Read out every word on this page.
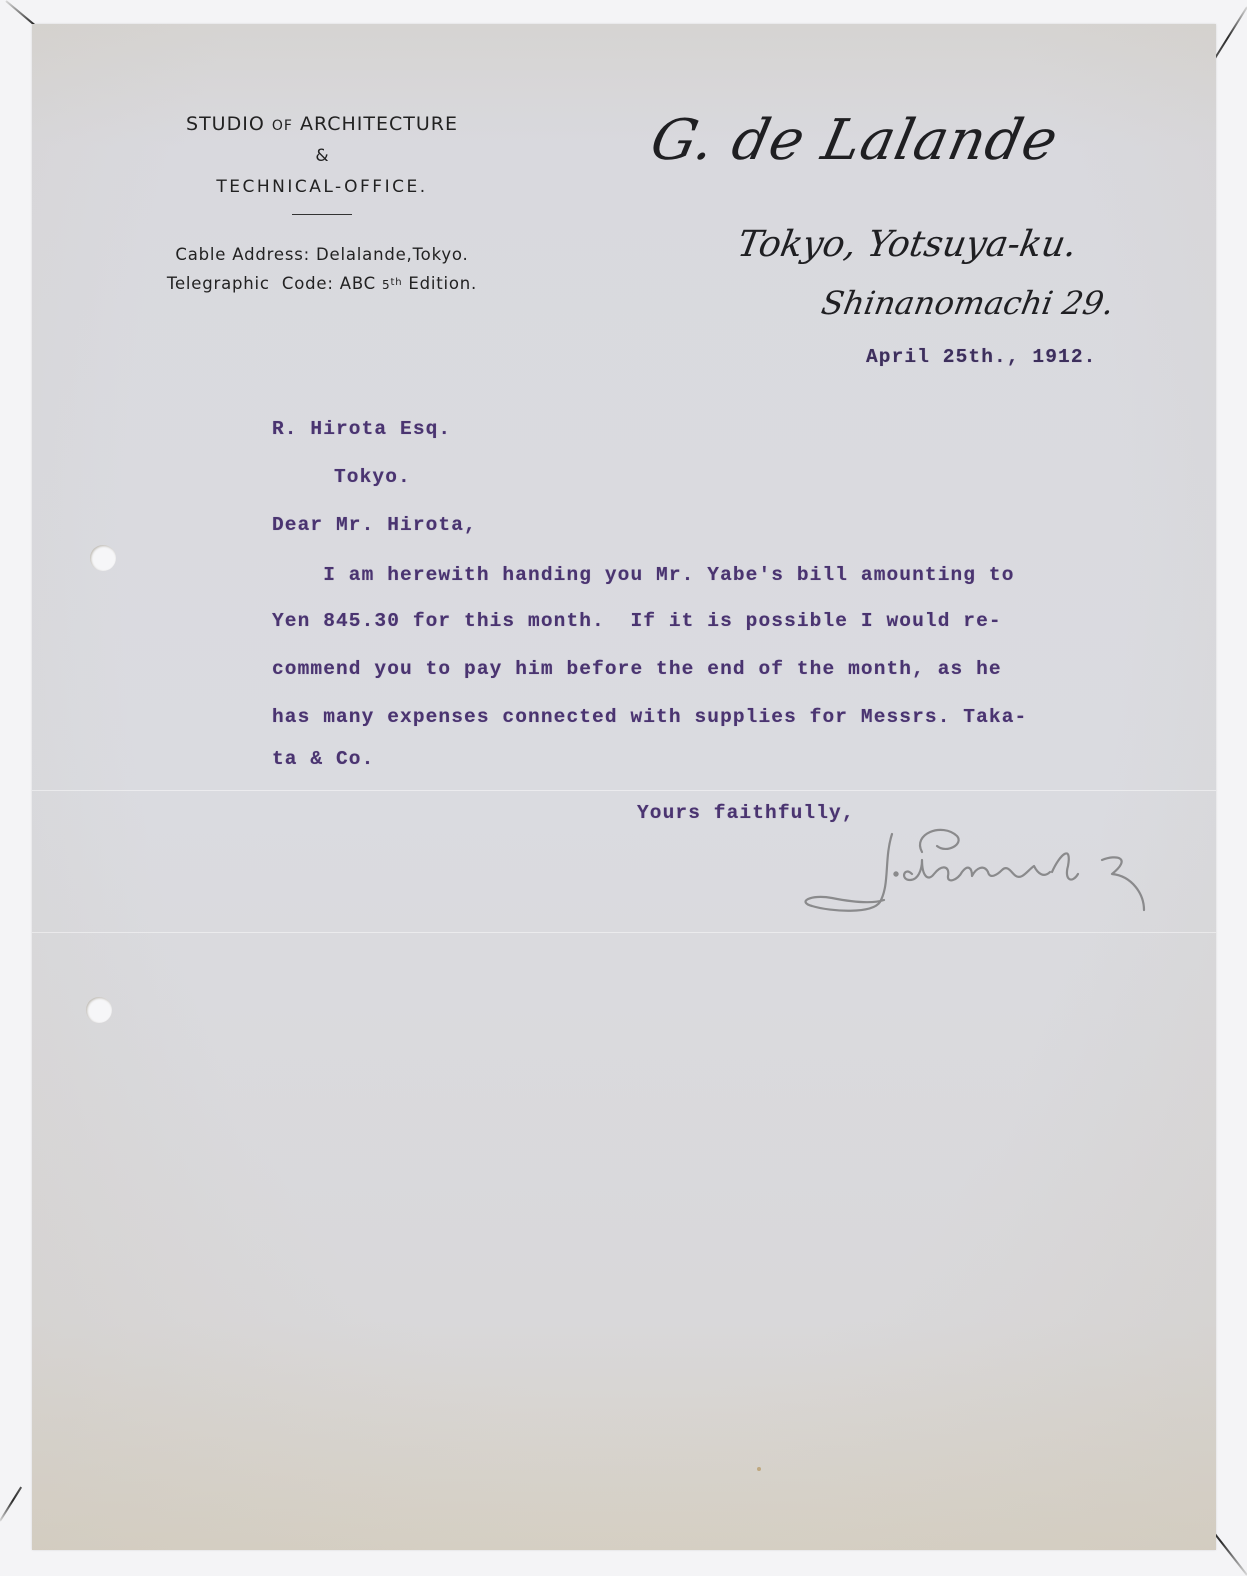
STUDIO OF ARCHITECTURE
&
TECHNICAL-OFFICE.
Cable Address: Delalande,Tokyo.
Telegraphic  Code: ABC 5th Edition.
G. de Lalande
Tokyo, Yotsuya-ku.
Shinanomachi 29.
April 25th., 1912.
R. Hirota Esq.
Tokyo.
Dear Mr. Hirota,
I am herewith handing you Mr. Yabe's bill amounting to
Yen 845.30 for this month.  If it is possible I would re-
commend you to pay him before the end of the month, as he
has many expenses connected with supplies for Messrs. Taka-
ta & Co.
Yours faithfully,
